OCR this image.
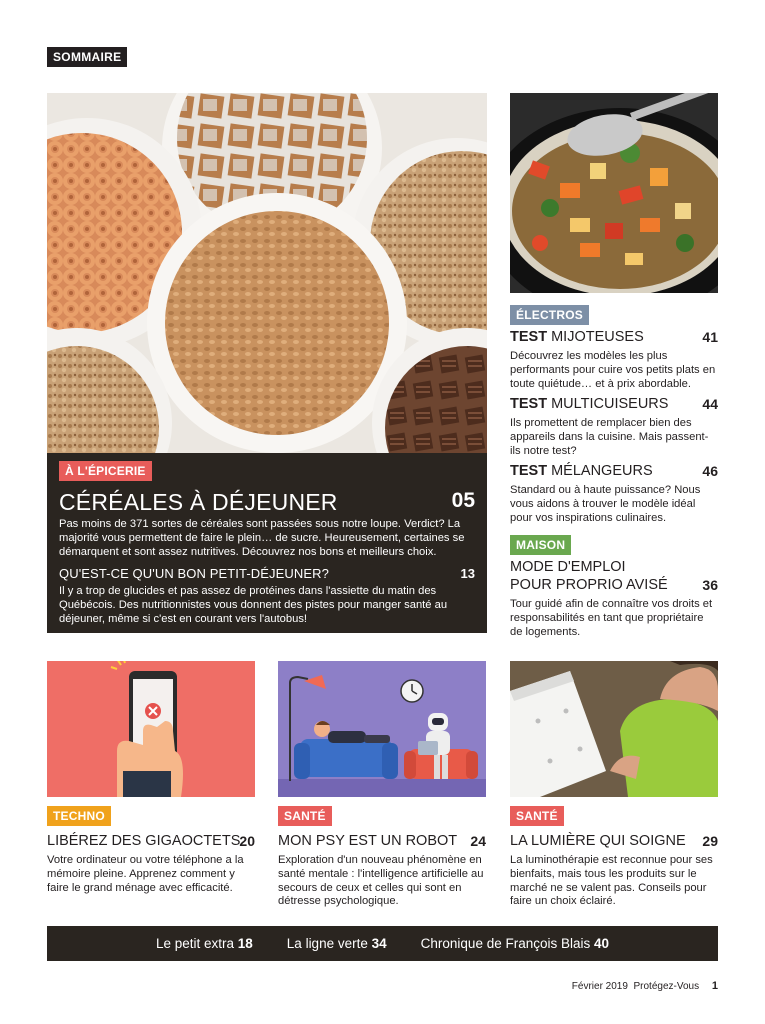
SOMMAIRE
À L'ÉPICERIE
CÉRÉALES À DÉJEUNER	05
Pas moins de 371 sortes de céréales sont passées sous notre loupe. Verdict? La majorité vous permettent de faire le plein… de sucre. Heureusement, certaines se démarquent et sont assez nutritives. Découvrez nos bons et meilleurs choix.
QU'EST-CE QU'UN BON PETIT-DÉJEUNER?	13
Il y a trop de glucides et pas assez de protéines dans l'assiette du matin des Québécois. Des nutritionnistes vous donnent des pistes pour manger santé au déjeuner, même si c'est en courant vers l'autobus!
ÉLECTROS
TEST MIJOTEUSES	41
Découvrez les modèles les plus performants pour cuire vos petits plats en toute quiétude… et à prix abordable.
TEST MULTICUISEURS 44
Ils promettent de remplacer bien des appareils dans la cuisine. Mais passent-ils notre test?
TEST MÉLANGEURS	46
Standard ou à haute puissance? Nous vous aidons à trouver le modèle idéal pour vos inspirations culinaires.
MAISON
MODE D'EMPLOI
POUR PROPRIO AVISÉ 36
Tour guidé afin de connaître vos droits et responsabilités en tant que propriétaire de logements.
TECHNO
LIBÉREZ DES GIGAOCTETS 20
Votre ordinateur ou votre téléphone a la mémoire pleine. Apprenez comment y faire le grand ménage avec efficacité.
SANTÉ
MON PSY EST UN ROBOT 24
Exploration d'un nouveau phénomène en santé mentale : l'intelligence artificielle au secours de ceux et celles qui sont en détresse psychologique.
SANTÉ
LA LUMIÈRE QUI SOIGNE 29
La luminothérapie est reconnue pour ses bienfaits, mais tous les produits sur le marché ne se valent pas. Conseils pour faire un choix éclairé.
Le petit extra 18	La ligne verte 34	Chronique de François Blais 40
Février 2019 Protégez-Vous 1
